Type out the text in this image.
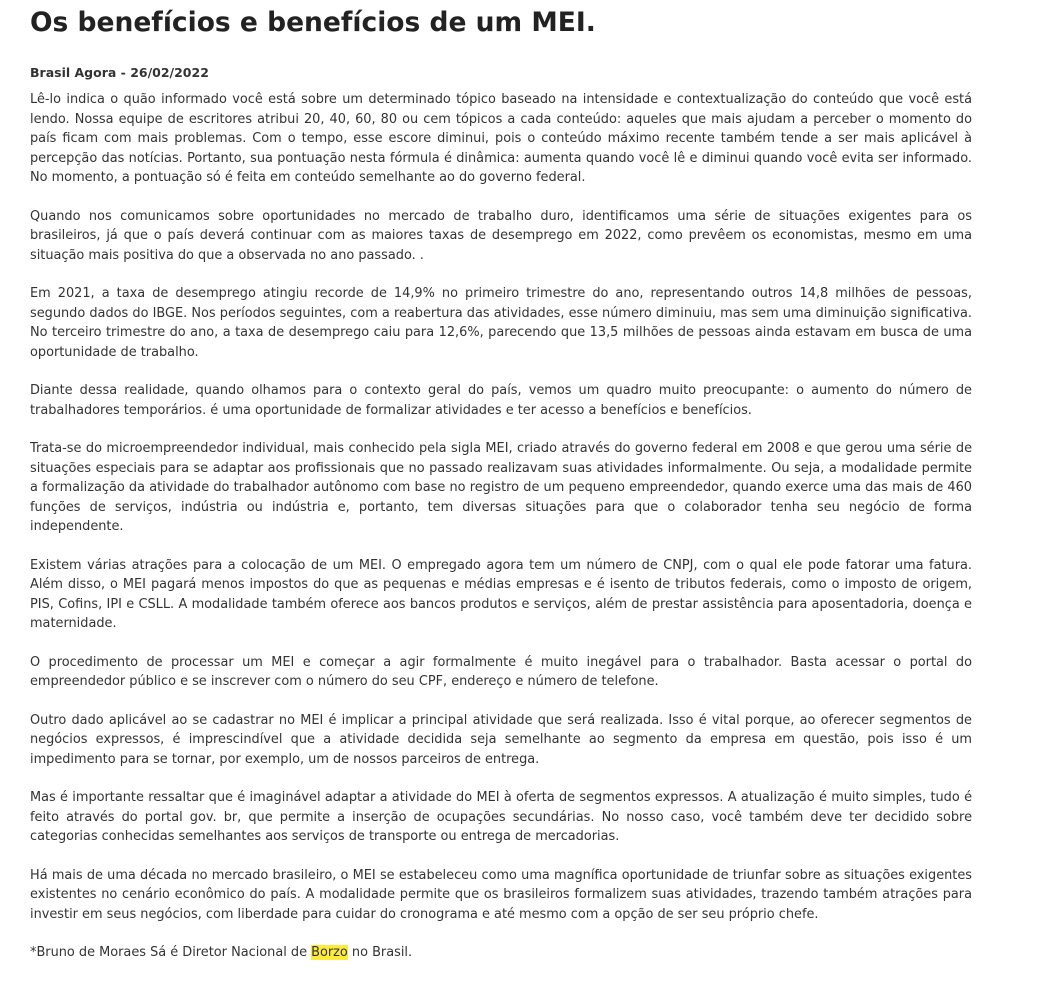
Os benefícios e benefícios de um MEI.
Brasil Agora - 26/02/2022

Lê-lo indica o quão informado você está sobre um determinado tópico baseado na intensidade e contextualização do conteúdo que você está lendo. Nossa equipe de escritores atribui 20, 40, 60, 80 ou cem tópicos a cada conteúdo: aqueles que mais ajudam a perceber o momento do país ficam com mais problemas. Com o tempo, esse escore diminui, pois o conteúdo máximo recente também tende a ser mais aplicável à percepção das notícias. Portanto, sua pontuação nesta fórmula é dinâmica: aumenta quando você lê e diminui quando você evita ser informado. No momento, a pontuação só é feita em conteúdo semelhante ao do governo federal.

Quando nos comunicamos sobre oportunidades no mercado de trabalho duro, identificamos uma série de situações exigentes para os brasileiros, já que o país deverá continuar com as maiores taxas de desemprego em 2022, como prevêem os economistas, mesmo em uma situação mais positiva do que a observada no ano passado. .

Em 2021, a taxa de desemprego atingiu recorde de 14,9% no primeiro trimestre do ano, representando outros 14,8 milhões de pessoas, segundo dados do IBGE. Nos períodos seguintes, com a reabertura das atividades, esse número diminuiu, mas sem uma diminuição significativa. No terceiro trimestre do ano, a taxa de desemprego caiu para 12,6%, parecendo que 13,5 milhões de pessoas ainda estavam em busca de uma oportunidade de trabalho.

Diante dessa realidade, quando olhamos para o contexto geral do país, vemos um quadro muito preocupante: o aumento do número de trabalhadores temporários. é uma oportunidade de formalizar atividades e ter acesso a benefícios e benefícios.

Trata-se do microempreendedor individual, mais conhecido pela sigla MEI, criado através do governo federal em 2008 e que gerou uma série de situações especiais para se adaptar aos profissionais que no passado realizavam suas atividades informalmente. Ou seja, a modalidade permite a formalização da atividade do trabalhador autônomo com base no registro de um pequeno empreendedor, quando exerce uma das mais de 460 funções de serviços, indústria ou indústria e, portanto, tem diversas situações para que o colaborador tenha seu negócio de forma independente.

Existem várias atrações para a colocação de um MEI. O empregado agora tem um número de CNPJ, com o qual ele pode fatorar uma fatura. Além disso, o MEI pagará menos impostos do que as pequenas e médias empresas e é isento de tributos federais, como o imposto de origem, PIS, Cofins, IPI e CSLL. A modalidade também oferece aos bancos produtos e serviços, além de prestar assistência para aposentadoria, doença e maternidade.

O procedimento de processar um MEI e começar a agir formalmente é muito inegável para o trabalhador. Basta acessar o portal do empreendedor público e se inscrever com o número do seu CPF, endereço e número de telefone.

Outro dado aplicável ao se cadastrar no MEI é implicar a principal atividade que será realizada. Isso é vital porque, ao oferecer segmentos de negócios expressos, é imprescindível que a atividade decidida seja semelhante ao segmento da empresa em questão, pois isso é um impedimento para se tornar, por exemplo, um de nossos parceiros de entrega.

Mas é importante ressaltar que é imaginável adaptar a atividade do MEI à oferta de segmentos expressos. A atualização é muito simples, tudo é feito através do portal gov. br, que permite a inserção de ocupações secundárias. No nosso caso, você também deve ter decidido sobre categorias conhecidas semelhantes aos serviços de transporte ou entrega de mercadorias.

Há mais de uma década no mercado brasileiro, o MEI se estabeleceu como uma magnífica oportunidade de triunfar sobre as situações exigentes existentes no cenário econômico do país. A modalidade permite que os brasileiros formalizem suas atividades, trazendo também atrações para investir em seus negócios, com liberdade para cuidar do cronograma e até mesmo com a opção de ser seu próprio chefe.

*Bruno de Moraes Sá é Diretor Nacional de Borzo no Brasil.
